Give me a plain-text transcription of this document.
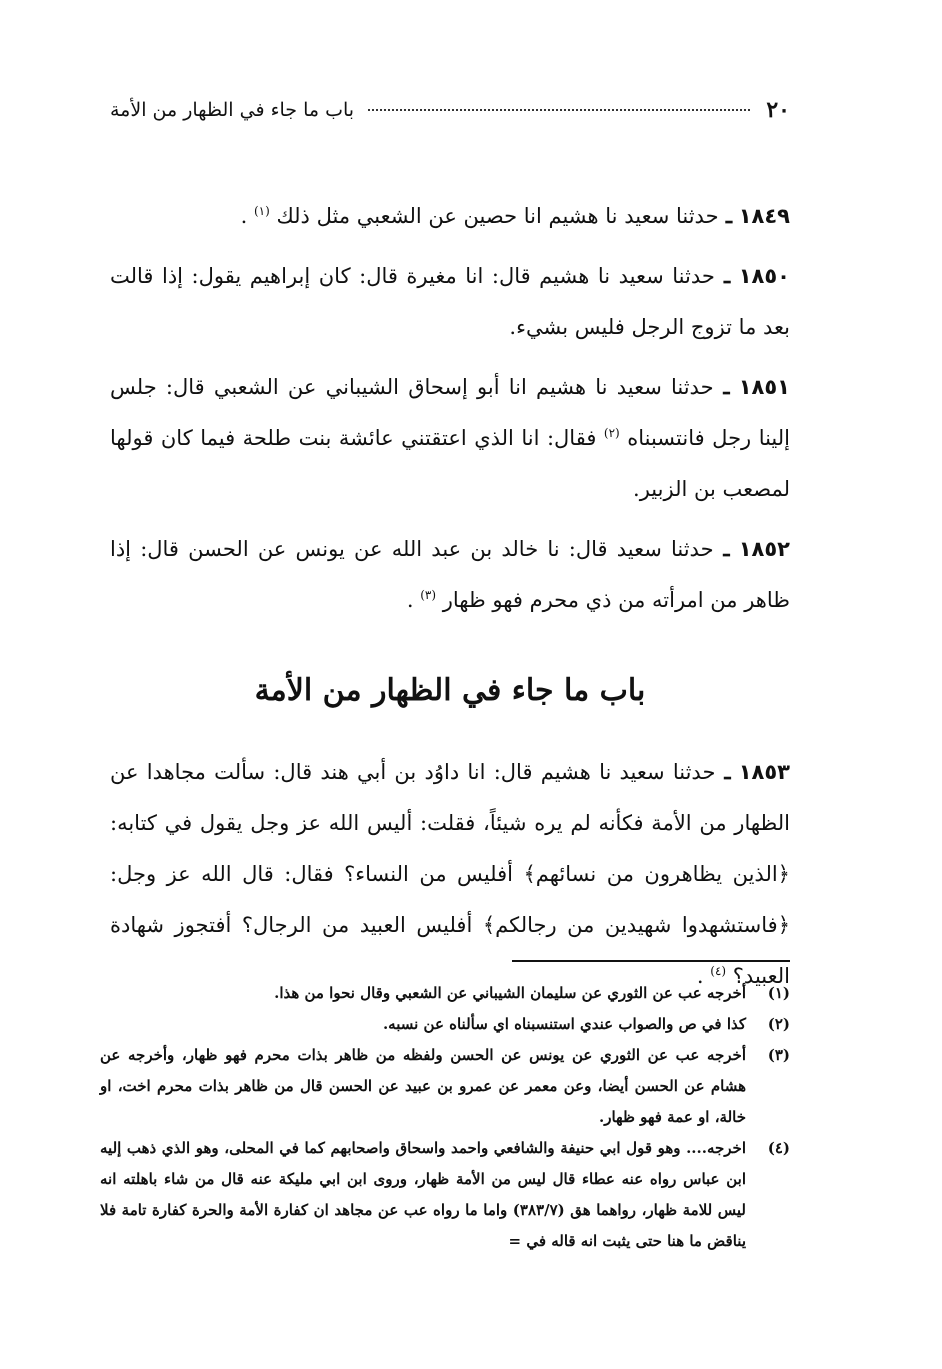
٢٠
باب ما جاء في الظهار من الأمة

١٨٤٩ ـ حدثنا سعيد نا هشيم انا حصين عن الشعبي مثل ذلك $^{(١)}$ .

١٨٥٠ ـ حدثنا سعيد نا هشيم قال: انا مغيرة قال: كان إبراهيم يقول: إذا قالت بعد ما تزوج الرجل فليس بشيء.

١٨٥١ ـ حدثنا سعيد نا هشيم انا أبو إسحاق الشيباني عن الشعبي قال: جلس إلينا رجل فانتسبناه $^{(٢)}$ فقال: انا الذي اعتقتني عائشة بنت طلحة فيما كان قولها لمصعب بن الزبير.

١٨٥٢ ـ حدثنا سعيد قال: نا خالد بن عبد الله عن يونس عن الحسن قال: إذا ظاهر من امرأته من ذي محرم فهو ظهار $^{(٣)}$ .

باب ما جاء في الظهار من الأمة

١٨٥٣ ـ حدثنا سعيد نا هشيم قال: انا داوُد بن أبي هند قال: سألت مجاهدا عن الظهار من الأمة فكأنه لم يره شيئاً، فقلت: أليس الله عز وجل يقول في كتابه: ﴿الذين يظاهرون من نسائهم﴾ أفليس من النساء؟ فقال: قال الله عز وجل: ﴿فاستشهدوا شهيدين من رجالكم﴾ أفليس العبيد من الرجال؟ أفتجوز شهادة العبيد؟ $^{(٤)}$ .

(١)
أخرجه عب عن الثوري عن سليمان الشيباني عن الشعبي وقال نحوا من هذا.
(٢)
كذا في ص والصواب عندي استنسبناه اي سألناه عن نسبه.
(٣)
أخرجه عب عن الثوري عن يونس عن الحسن ولفظه من ظاهر بذات محرم فهو ظهار، وأخرجه عن هشام عن الحسن أيضا، وعن معمر عن عمرو بن عبيد عن الحسن قال من ظاهر بذات محرم اخت، او خالة، او عمة فهو ظهار.
(٤)
اخرجه.... وهو قول ابي حنيفة والشافعي واحمد واسحاق واصحابهم كما في المحلى، وهو الذي ذهب إليه ابن عباس رواه عنه عطاء قال ليس من الأمة ظهار، وروى ابن ابي مليكة عنه قال من شاء باهلته انه ليس للامة ظهار، رواهما هق (٣٨٣/٧) واما ما رواه عب عن مجاهد ان كفارة الأمة والحرة كفارة تامة فلا يناقض ما هنا حتى يثبت انه قاله في =
